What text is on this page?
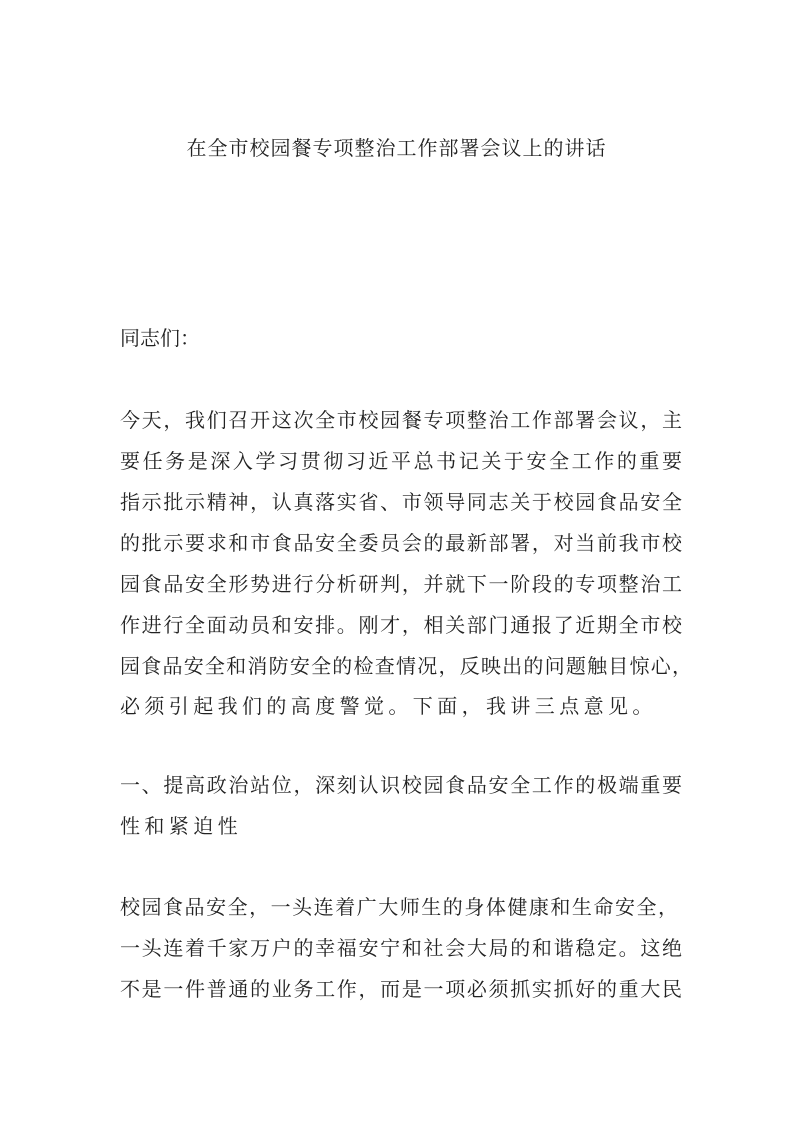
在全市校园餐专项整治工作部署会议上的讲话
同志们：
今天，我们召开这次全市校园餐专项整治工作部署会议，主
要任务是深入学习贯彻习近平总书记关于安全工作的重要
指示批示精神，认真落实省、市领导同志关于校园食品安全
的批示要求和市食品安全委员会的最新部署，对当前我市校
园食品安全形势进行分析研判，并就下一阶段的专项整治工
作进行全面动员和安排。刚才，相关部门通报了近期全市校
园食品安全和消防安全的检查情况，反映出的问题触目惊心，
必须引起我们的高度警觉。下面，我讲三点意见。
一、提高政治站位，深刻认识校园食品安全工作的极端重要
性和紧迫性
校园食品安全，一头连着广大师生的身体健康和生命安全，
一头连着千家万户的幸福安宁和社会大局的和谐稳定。这绝
不是一件普通的业务工作，而是一项必须抓实抓好的重大民
